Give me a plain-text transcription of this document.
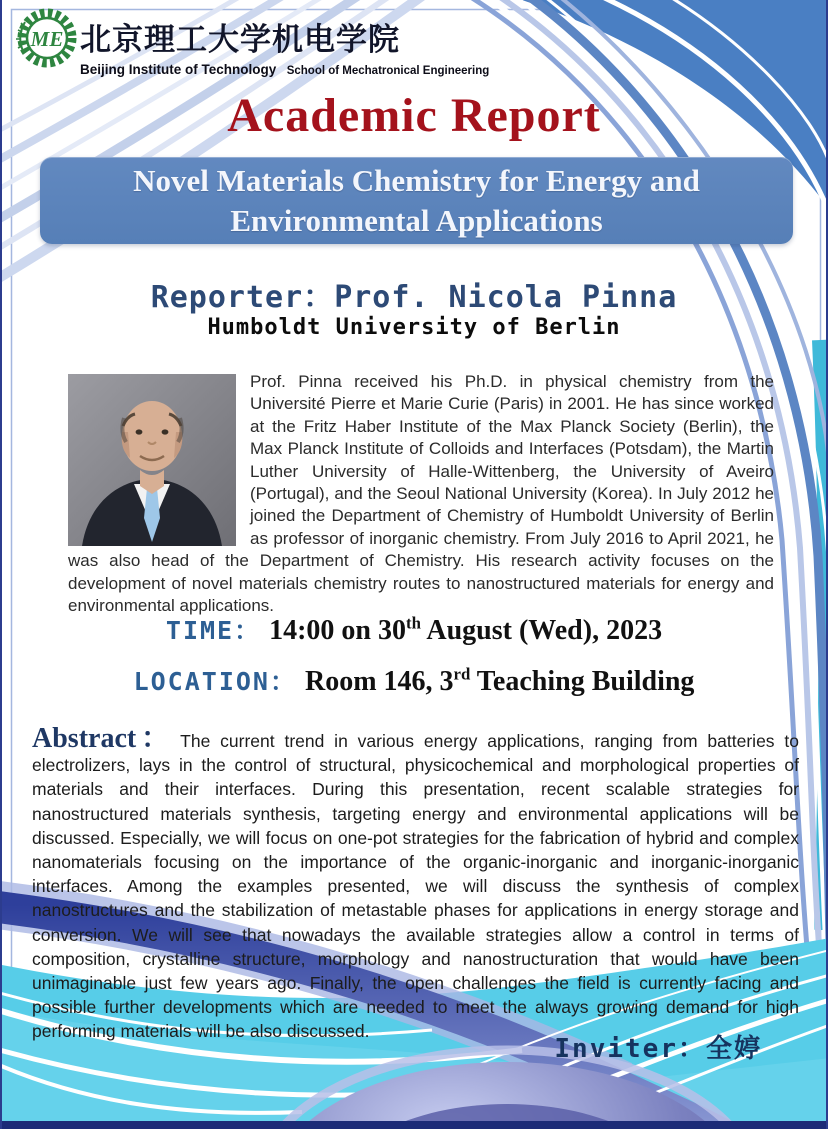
ME 北京理工大学机电学院
Beijing Institute of Technology School of Mechatronical Engineering
Academic Report
Novel Materials Chemistry for Energy and
Environmental Applications
Reporter：Prof. Nicola Pinna
Humboldt University of Berlin
Prof. Pinna received his Ph.D. in physical chemistry from the Université Pierre et Marie Curie (Paris) in 2001. He has since worked at the Fritz Haber Institute of the Max Planck Society (Berlin), the Max Planck Institute of Colloids and Interfaces (Potsdam), the Martin Luther University of Halle-Wittenberg, the University of Aveiro (Portugal), and the Seoul National University (Korea). In July 2012 he joined the Department of Chemistry of Humboldt University of Berlin as professor of inorganic chemistry. From July 2016 to April 2021, he was also head of the Department of Chemistry. His research activity focuses on the development of novel materials chemistry routes to nanostructured materials for energy and environmental applications.
TIME： 14:00 on 30th August (Wed), 2023
LOCATION： Room 146, 3rd Teaching Building
Abstract： The current trend in various energy applications, ranging from batteries to electrolizers, lays in the control of structural, physicochemical and morphological properties of materials and their interfaces. During this presentation, recent scalable strategies for nanostructured materials synthesis, targeting energy and environmental applications will be discussed. Especially, we will focus on one-pot strategies for the fabrication of hybrid and complex nanomaterials focusing on the importance of the organic-inorganic and inorganic-inorganic interfaces. Among the examples presented, we will discuss the synthesis of complex nanostructures and the stabilization of metastable phases for applications in energy storage and conversion. We will see that nowadays the available strategies allow a control in terms of composition, crystalline structure, morphology and nanostructuration that would have been unimaginable just few years ago. Finally, the open challenges the field is currently facing and possible further developments which are needed to meet the always growing demand for high performing materials will be also discussed.
Inviter：全婷
